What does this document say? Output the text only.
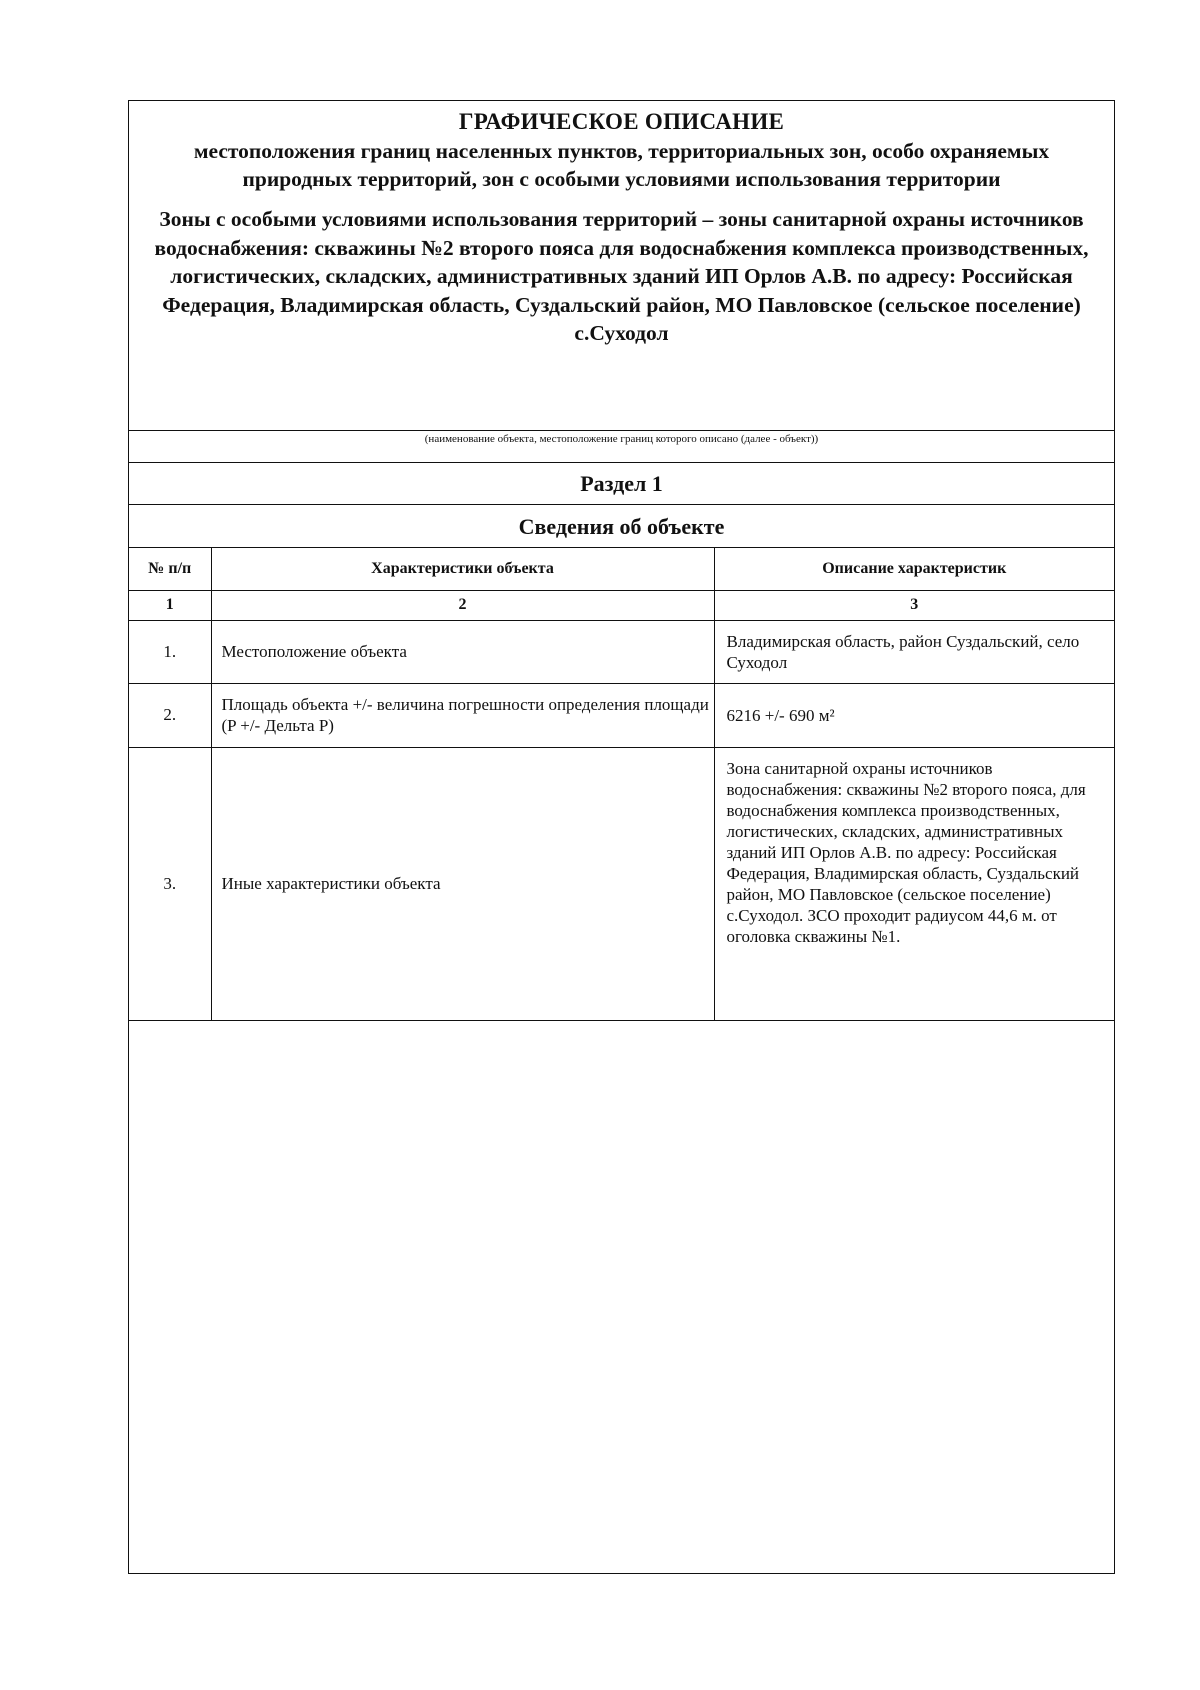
ГРАФИЧЕСКОЕ ОПИСАНИЕ
местоположения границ населенных пунктов, территориальных зон, особо охраняемых природных территорий, зон с особыми условиями использования территории
Зоны с особыми условиями использования территорий – зоны санитарной охраны источников водоснабжения: скважины №2 второго пояса для водоснабжения комплекса производственных, логистических, складских, административных зданий ИП Орлов А.В. по адресу: Российская Федерация, Владимирская область, Суздальский район, МО Павловское (сельское поселение) с.Суходол
(наименование объекта, местоположение границ которого описано (далее - объект))
Раздел 1
Сведения об объекте
№ п/п	Характеристики объекта	Описание характеристик
1	2	3
1.	Местоположение объекта	Владимирская область, район Суздальский, село Суходол
2.	Площадь объекта +/- величина погрешности определения площади (P +/- Дельта P)	6216 +/- 690 м²
3.	Иные характеристики объекта	Зона санитарной охраны источников водоснабжения: скважины №2 второго пояса, для водоснабжения комплекса производственных, логистических, складских, административных зданий ИП Орлов А.В. по адресу: Российская Федерация, Владимирская область, Суздальский район, МО Павловское (сельское поселение) с.Суходол. ЗСО проходит радиусом 44,6 м. от оголовка скважины №1.
